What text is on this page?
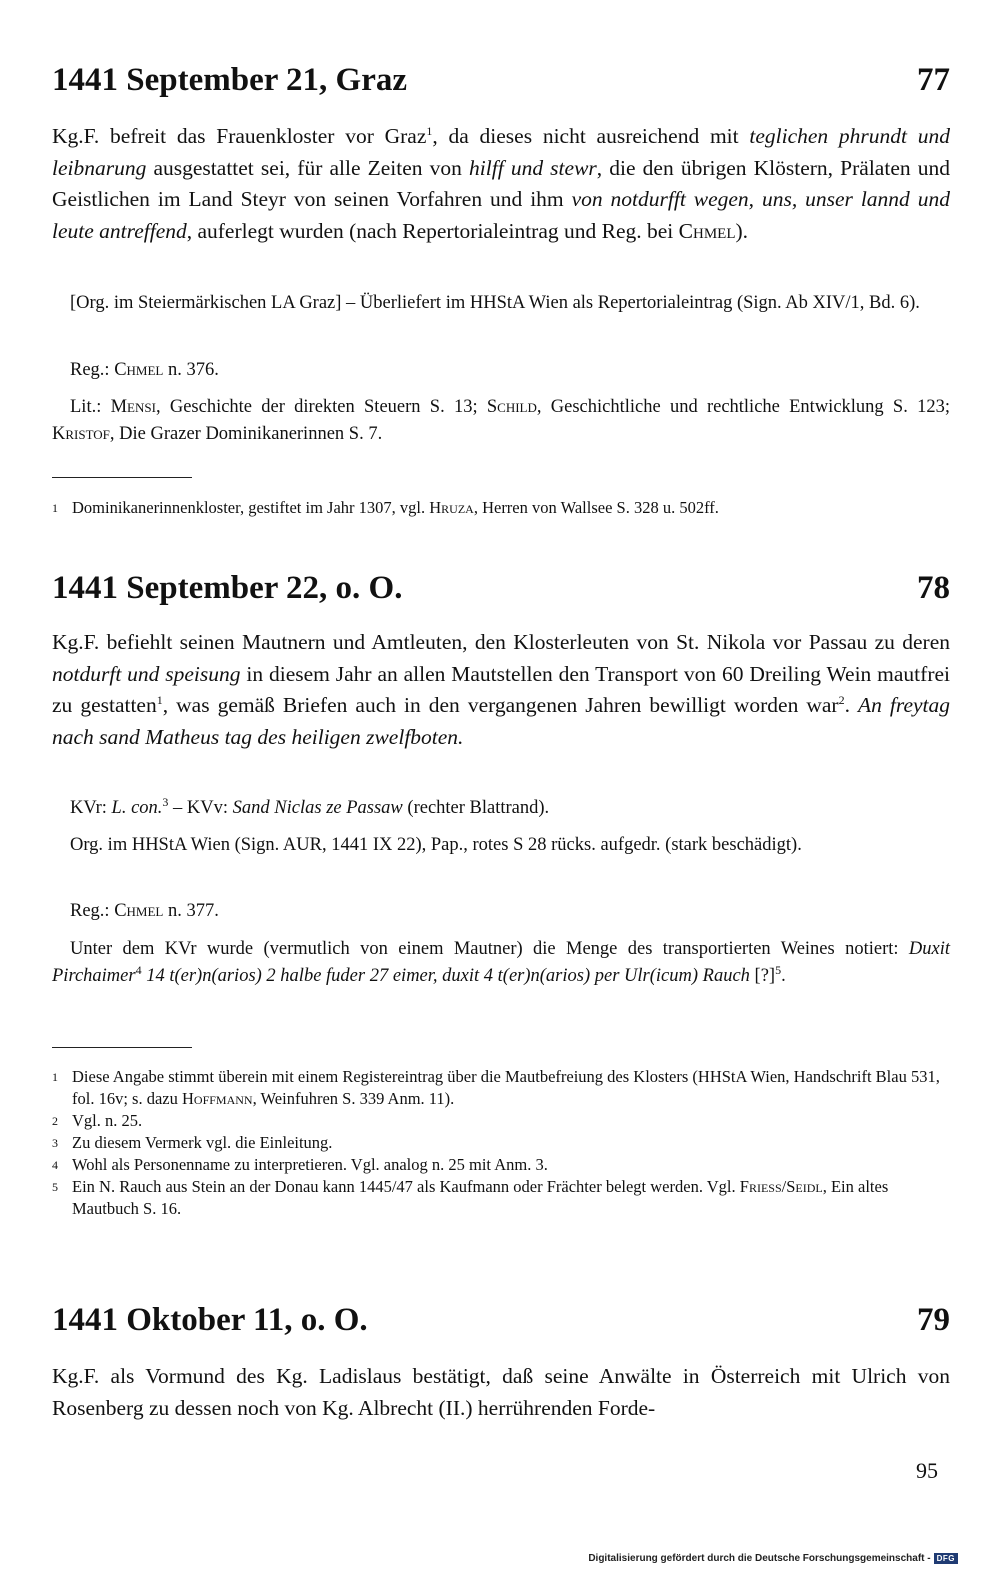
1441 September 21, Graz	77

Kg.F. befreit das Frauenkloster vor Graz$^1$, da dieses nicht ausreichend mit teglichen phrundt und leibnarung ausgestattet sei, für alle Zeiten von hilff und stewr, die den übrigen Klöstern, Prälaten und Geistlichen im Land Steyr von seinen Vorfahren und ihm von notdurfft wegen, uns, unser lannd und leute antreffend, auferlegt wurden (nach Repertorialeintrag und Reg. bei Chmel).

[Org. im Steiermärkischen LA Graz] – Überliefert im HHStA Wien als Repertorialeintrag (Sign. Ab XIV/1, Bd. 6).

Reg.: Chmel n. 376.

Lit.: Mensi, Geschichte der direkten Steuern S. 13; Schild, Geschichtliche und rechtliche Entwicklung S. 123; Kristof, Die Grazer Dominikanerinnen S. 7.

1 Dominikanerinnenkloster, gestiftet im Jahr 1307, vgl. Hruza, Herren von Wallsee S. 328 u. 502ff.
1441 September 22, o. O.	78

Kg.F. befiehlt seinen Mautnern und Amtleuten, den Klosterleuten von St. Nikola vor Passau zu deren notdurft und speisung in diesem Jahr an allen Mautstellen den Transport von 60 Dreiling Wein mautfrei zu gestatten$^1$, was gemäß Briefen auch in den vergangenen Jahren bewilligt worden war$^2$. An freytag nach sand Matheus tag des heiligen zwelfboten.

KVr: L. con.$^3$ – KVv: Sand Niclas ze Passaw (rechter Blattrand).

Org. im HHStA Wien (Sign. AUR, 1441 IX 22), Pap., rotes S 28 rücks. aufgedr. (stark beschädigt).

Reg.: Chmel n. 377.

Unter dem KVr wurde (vermutlich von einem Mautner) die Menge des transportierten Weines notiert: Duxit Pirchaimer$^4$ 14 t(er)n(arios) 2 halbe fuder 27 eimer, duxit 4 t(er)n(arios) per Ulr(icum) Rauch [?]$^5$.

1 Diese Angabe stimmt überein mit einem Registereintrag über die Mautbefreiung des Klosters (HHStA Wien, Handschrift Blau 531, fol. 16v; s. dazu Hoffmann, Weinfuhren S. 339 Anm. 11).
2 Vgl. n. 25.
3 Zu diesem Vermerk vgl. die Einleitung.
4 Wohl als Personenname zu interpretieren. Vgl. analog n. 25 mit Anm. 3.
5 Ein N. Rauch aus Stein an der Donau kann 1445/47 als Kaufmann oder Frächter belegt werden. Vgl. Friess/Seidl, Ein altes Mautbuch S. 16.
1441 Oktober 11, o. O.	79

Kg.F. als Vormund des Kg. Ladislaus bestätigt, daß seine Anwälte in Österreich mit Ulrich von Rosenberg zu dessen noch von Kg. Albrecht (II.) herrührenden Forde-

95
Digitalisierung gefördert durch die Deutsche Forschungsgemeinschaft - DFG
